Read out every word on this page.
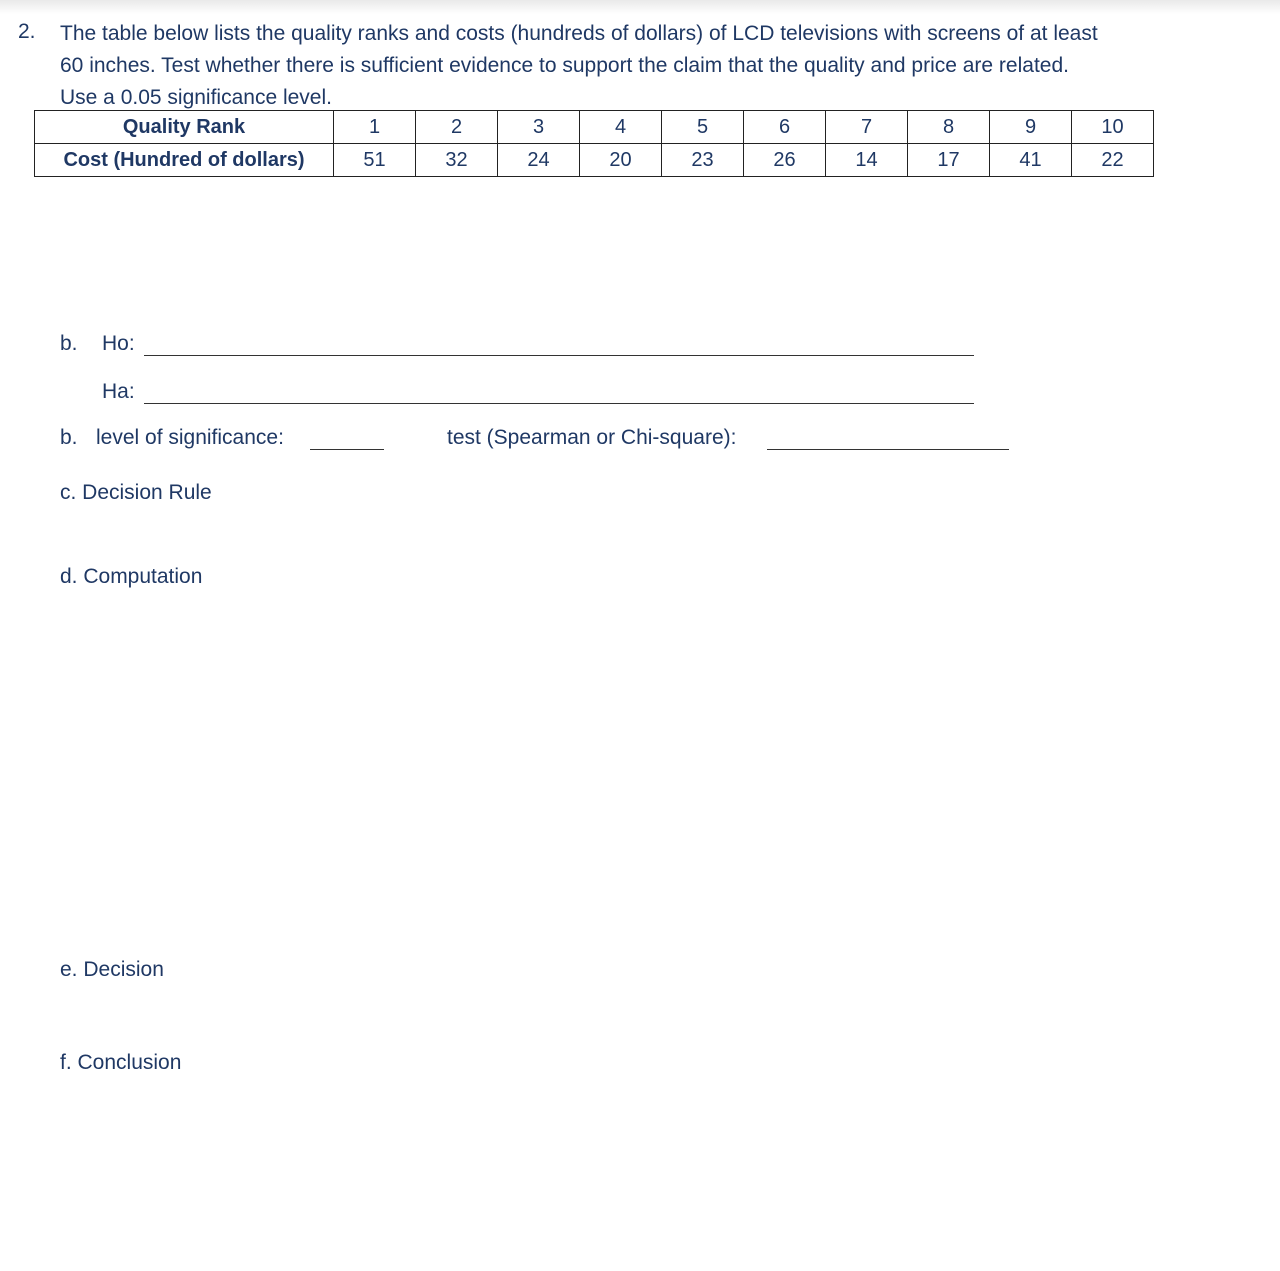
2. The table below lists the quality ranks and costs (hundreds of dollars) of LCD televisions with screens of at least
60 inches. Test whether there is sufficient evidence to support the claim that the quality and price are related.
Use a 0.05 significance level.
Quality Rank	1	2	3	4	5	6	7	8	9	10
Cost (Hundred of dollars)	51	32	24	20	23	26	14	17	41	22
b. Ho:
Ha:
b. level of significance:	test (Spearman or Chi-square):
c. Decision Rule
d. Computation
e. Decision
f. Conclusion
